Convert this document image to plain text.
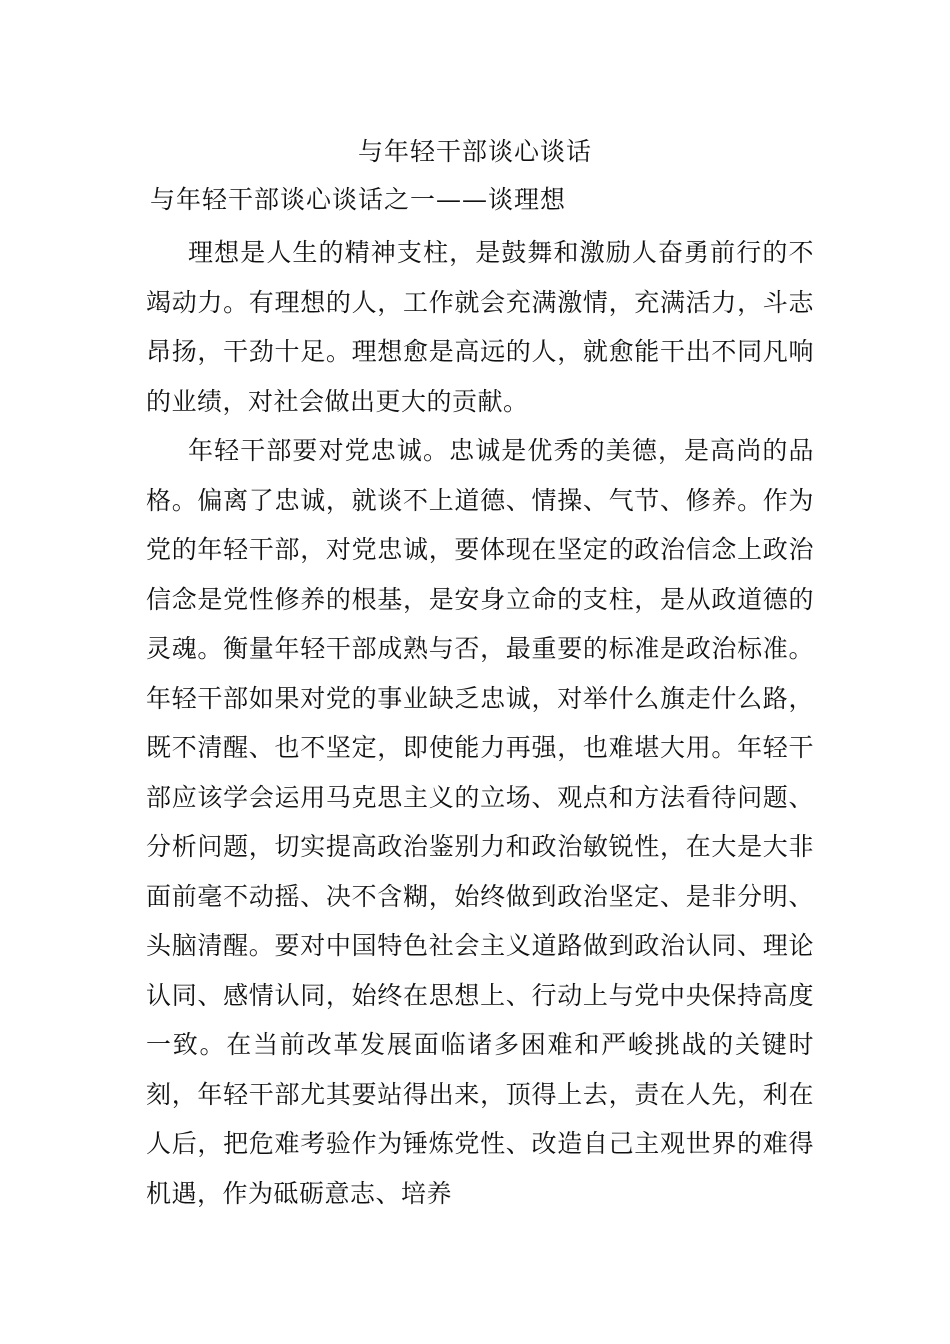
与年轻干部谈心谈话
与年轻干部谈心谈话之一——谈理想

理想是人生的精神支柱，是鼓舞和激励人奋勇前行的不竭动力。有理想的人，工作就会充满激情，充满活力，斗志昂扬，干劲十足。理想愈是高远的人，就愈能干出不同凡响的业绩，对社会做出更大的贡献。

年轻干部要对党忠诚。忠诚是优秀的美德，是高尚的品格。偏离了忠诚，就谈不上道德、情操、气节、修养。作为党的年轻干部，对党忠诚，要体现在坚定的政治信念上政治信念是党性修养的根基，是安身立命的支柱，是从政道德的灵魂。衡量年轻干部成熟与否，最重要的标准是政治标准。年轻干部如果对党的事业缺乏忠诚，对举什么旗走什么路，既不清醒、也不坚定，即使能力再强，也难堪大用。年轻干部应该学会运用马克思主义的立场、观点和方法看待问题、分析问题，切实提高政治鉴别力和政治敏锐性，在大是大非面前毫不动摇、决不含糊，始终做到政治坚定、是非分明、头脑清醒。要对中国特色社会主义道路做到政治认同、理论认同、感情认同，始终在思想上、行动上与党中央保持高度一致。在当前改革发展面临诸多困难和严峻挑战的关键时刻，年轻干部尤其要站得出来，顶得上去，责在人先，利在人后，把危难考验作为锤炼党性、改造自己主观世界的难得机遇，作为砥砺意志、培养
